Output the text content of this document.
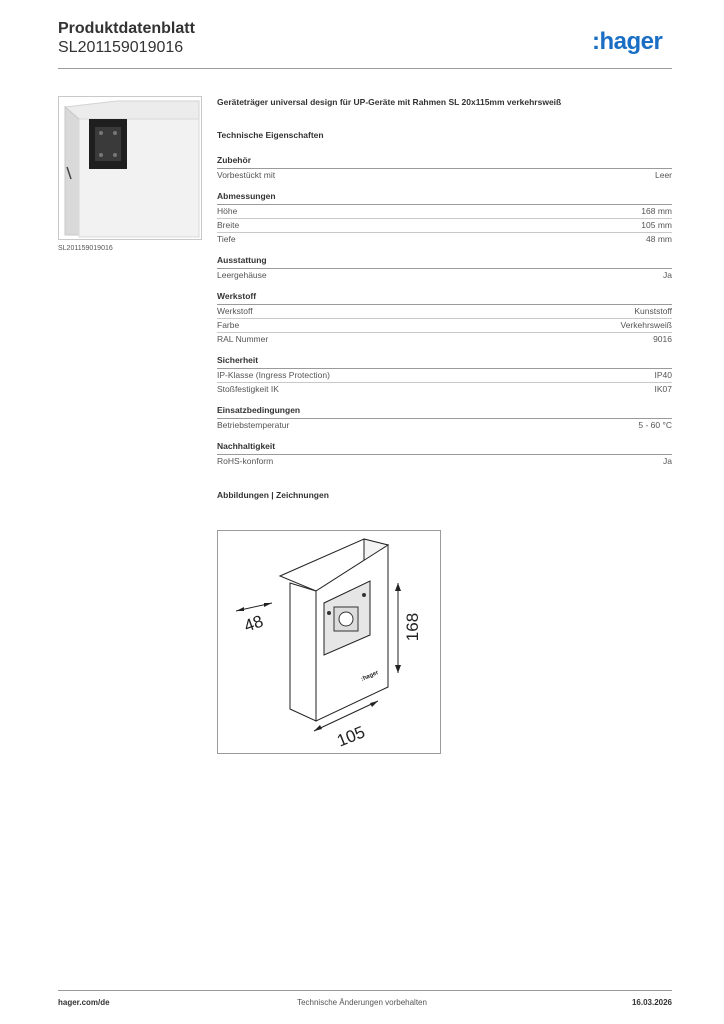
Produktdatenblatt
SL201159019016	:hager
SL201159019016
Geräteträger universal design für UP-Geräte mit Rahmen SL 20x115mm verkehrsweiß
Technische Eigenschaften
Zubehör
Vorbestückt mit	Leer
Abmessungen
Höhe	168 mm
Breite	105 mm
Tiefe	48 mm
Ausstattung
Leergehäuse	Ja
Werkstoff
Werkstoff	Kunststoff
Farbe	Verkehrsweiß
RAL Nummer	9016
Sicherheit
IP-Klasse (Ingress Protection)	IP40
Stoßfestigkeit IK	IK07
Einsatzbedingungen
Betriebstemperatur	5 - 60 °C
Nachhaltigkeit
RoHS-konform	Ja
Abbildungen | Zeichnungen
:hager
48	168
105
hager.com/de	Technische Änderungen vorbehalten	16.03.2026
